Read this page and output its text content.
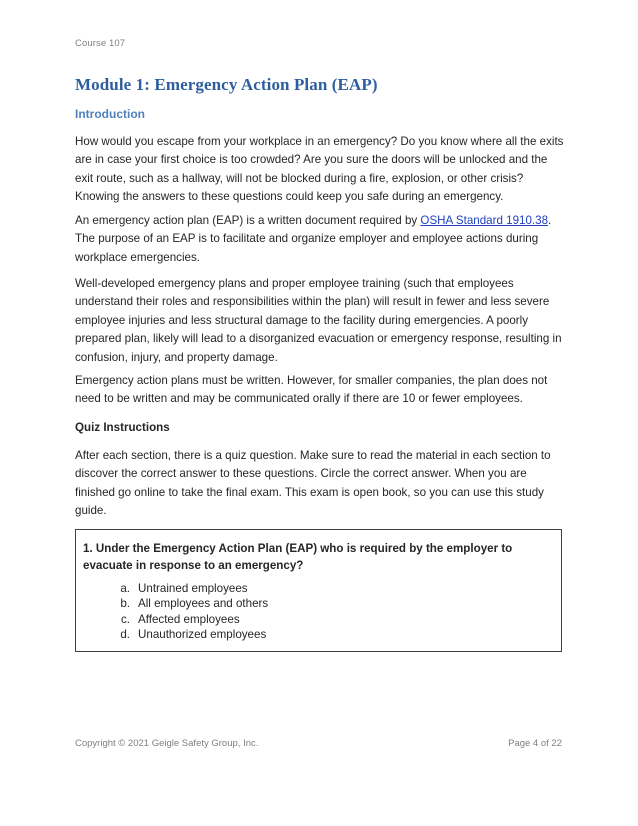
Course 107
Module 1: Emergency Action Plan (EAP)
Introduction

How would you escape from your workplace in an emergency? Do you know where all the exits are in case your first choice is too crowded? Are you sure the doors will be unlocked and the exit route, such as a hallway, will not be blocked during a fire, explosion, or other crisis? Knowing the answers to these questions could keep you safe during an emergency.

An emergency action plan (EAP) is a written document required by OSHA Standard 1910.38. The purpose of an EAP is to facilitate and organize employer and employee actions during workplace emergencies.

Well-developed emergency plans and proper employee training (such that employees understand their roles and responsibilities within the plan) will result in fewer and less severe employee injuries and less structural damage to the facility during emergencies. A poorly prepared plan, likely will lead to a disorganized evacuation or emergency response, resulting in confusion, injury, and property damage.

Emergency action plans must be written. However, for smaller companies, the plan does not need to be written and may be communicated orally if there are 10 or fewer employees.

Quiz Instructions

After each section, there is a quiz question. Make sure to read the material in each section to discover the correct answer to these questions. Circle the correct answer. When you are finished go online to take the final exam. This exam is open book, so you can use this study guide.

1. Under the Emergency Action Plan (EAP) who is required by the employer to evacuate in response to an emergency?

a. Untrained employees
b. All employees and others
c. Affected employees
d. Unauthorized employees
Copyright © 2021 Geigle Safety Group, Inc.	Page 4 of 22
